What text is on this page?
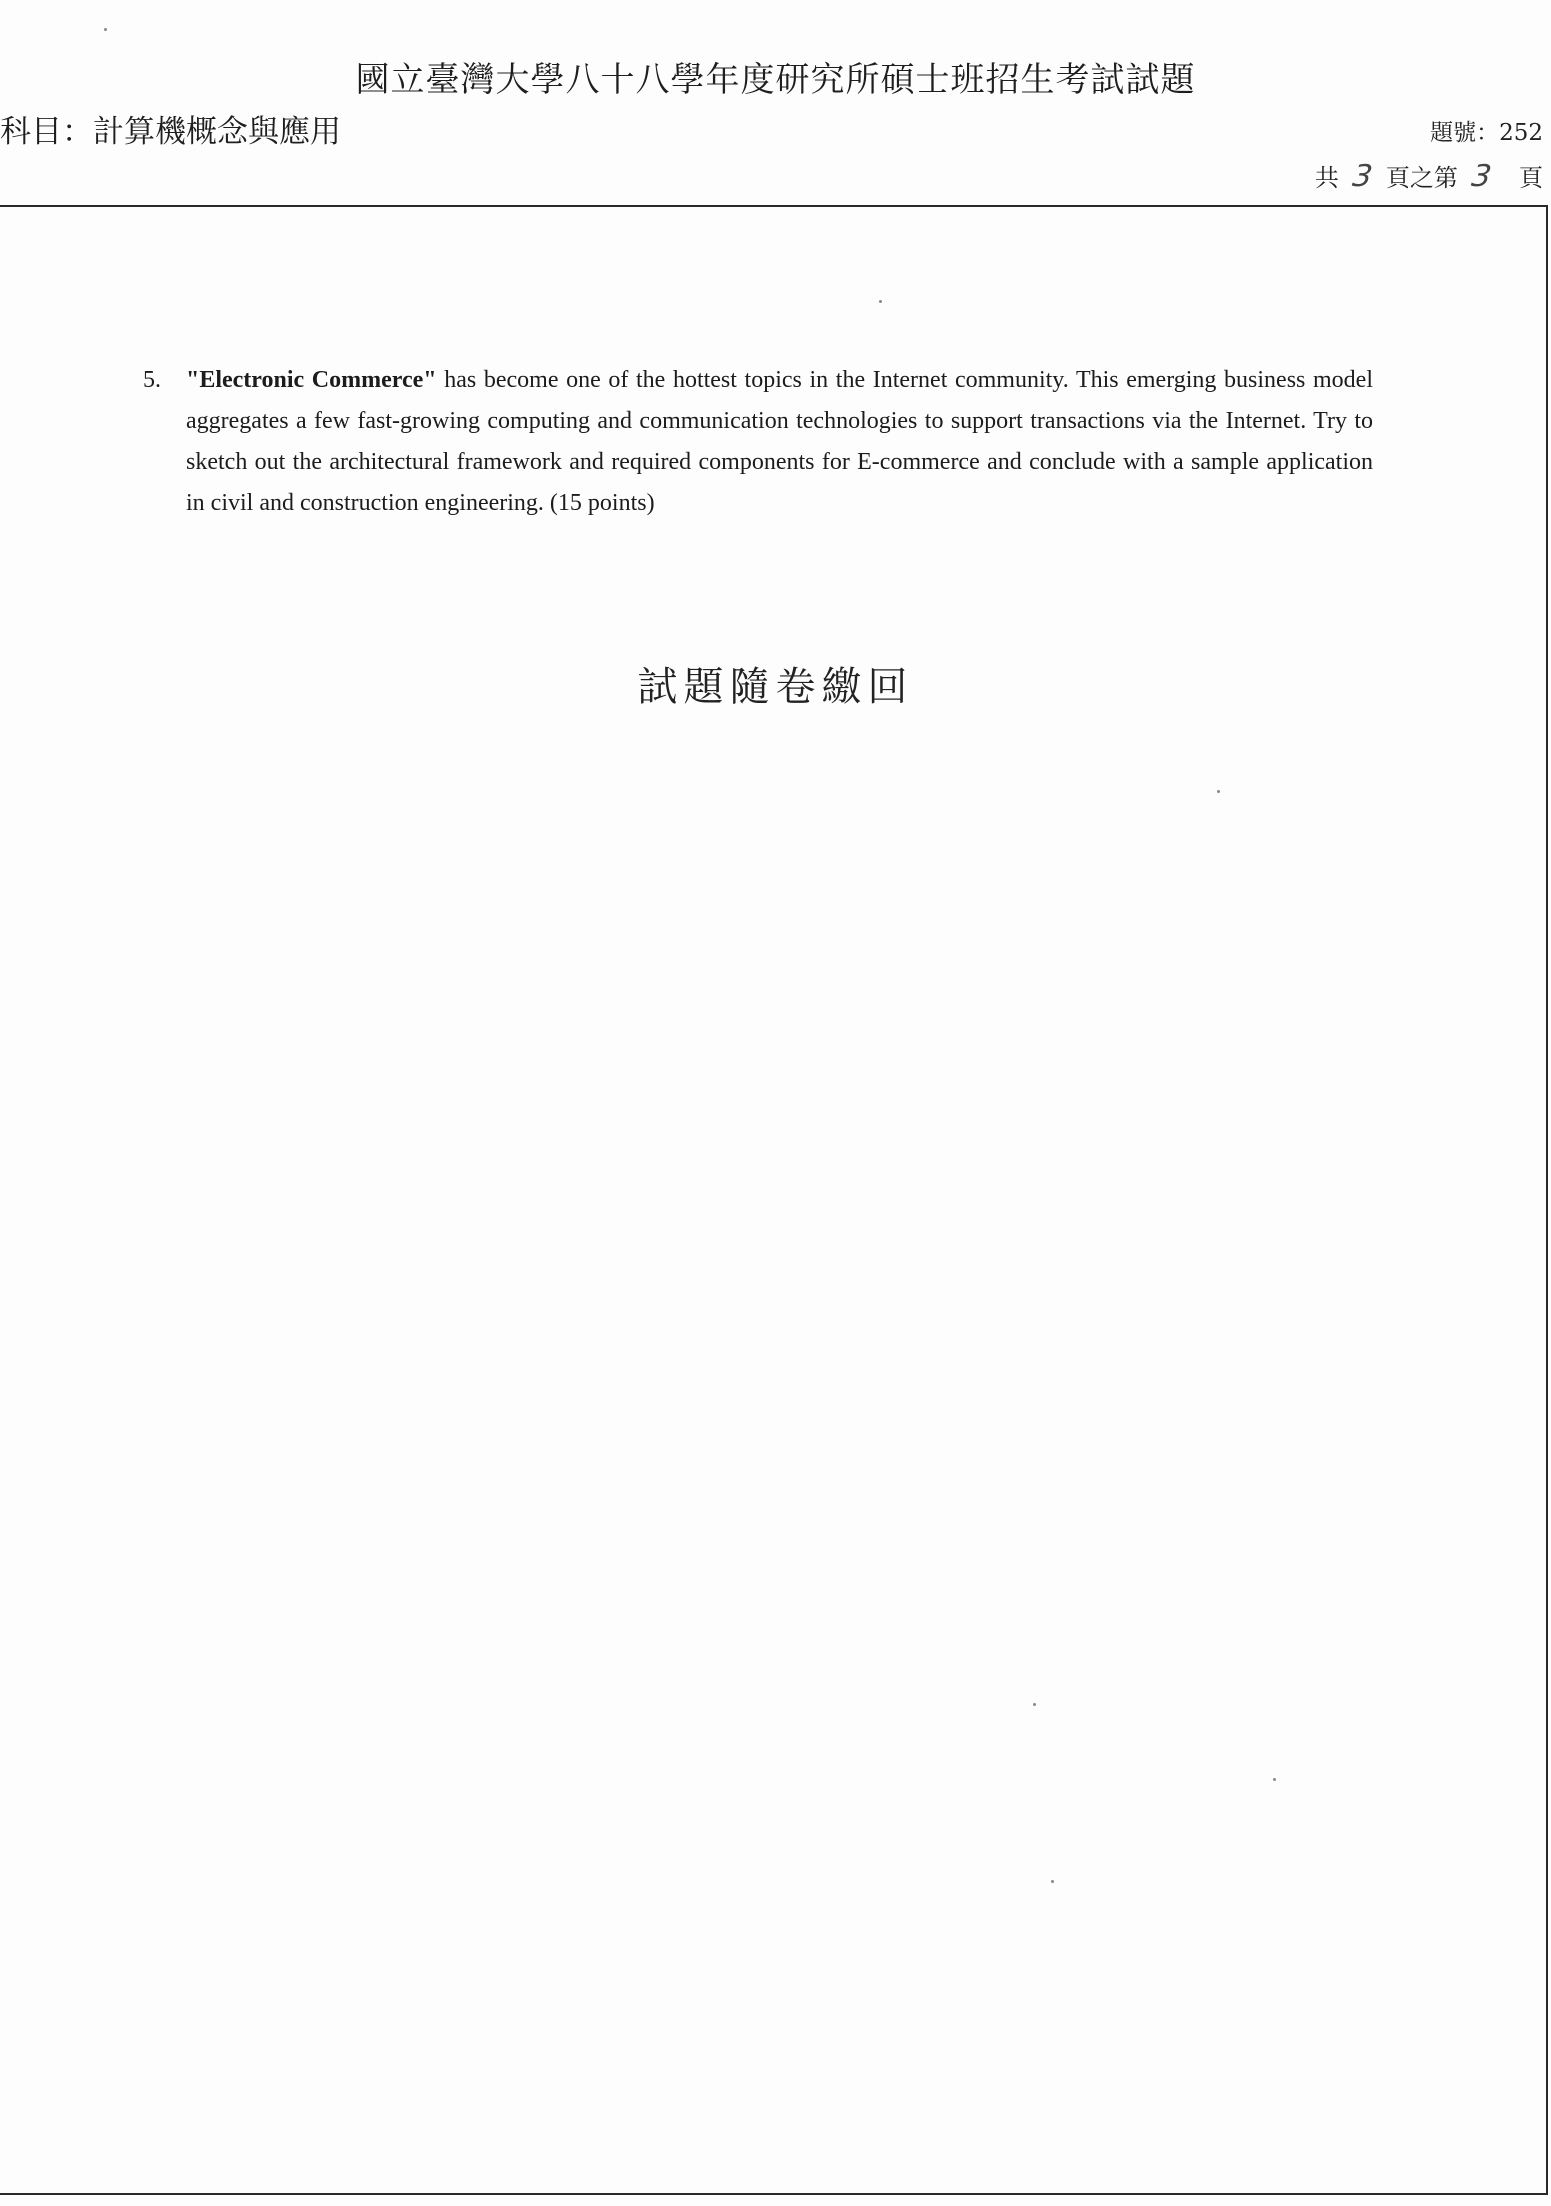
國立臺灣大學八十八學年度研究所碩士班招生考試試題
科目：計算機概念與應用	題號：252
共 3 頁之第 3 頁
5. "Electronic Commerce" has become one of the hottest topics in the Internet community. This emerging business model aggregates a few fast-growing computing and communication technologies to support transactions via the Internet. Try to sketch out the architectural framework and required components for E-commerce and conclude with a sample application in civil and construction engineering. (15 points)
試題隨卷繳回
